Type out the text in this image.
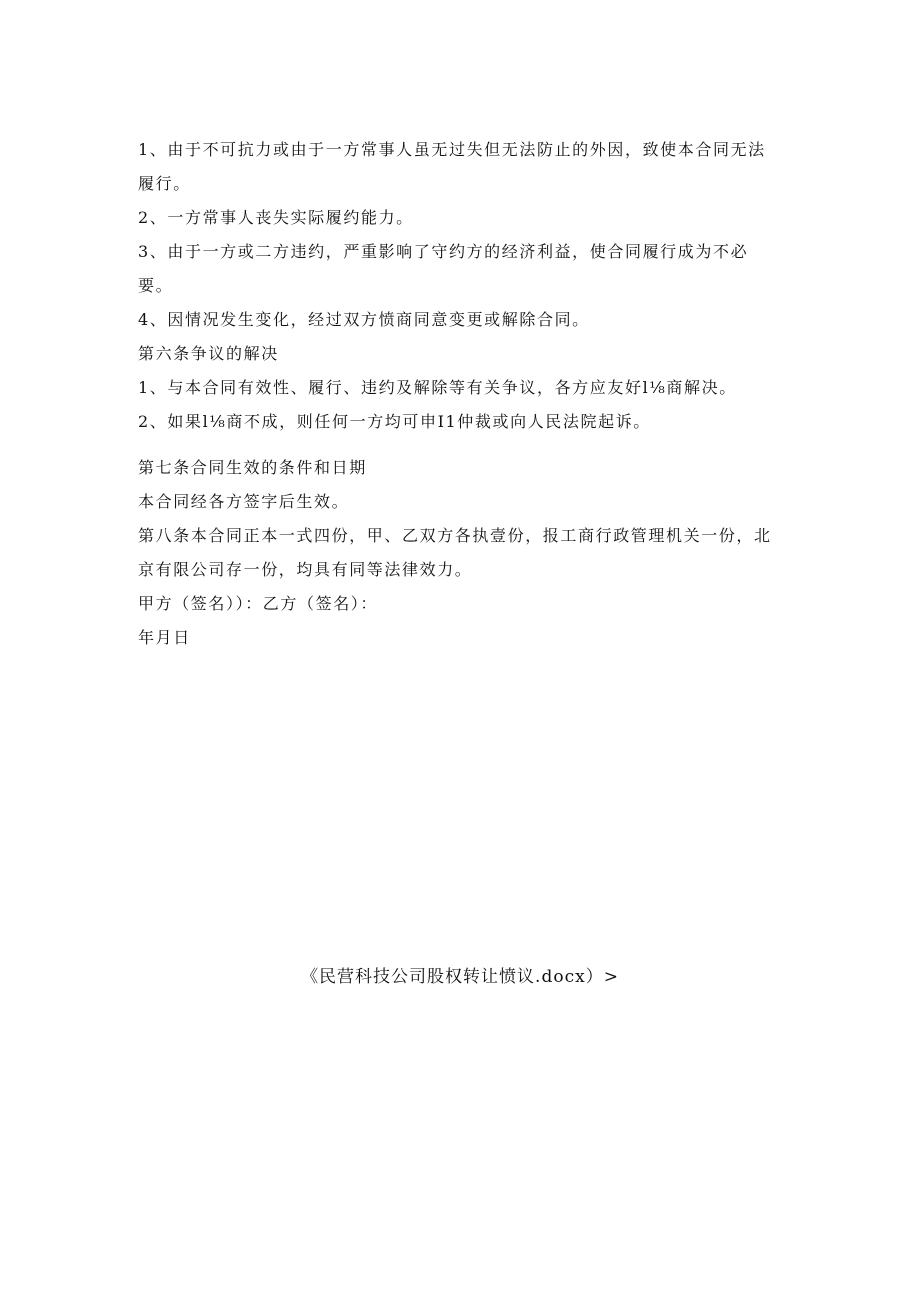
1、由于不可抗力或由于一方常事人虽无过失但无法防止的外因，致使本合同无法履行。

2、一方常事人丧失实际履约能力。

3、由于一方或二方违约，严重影响了守约方的经济利益，使合同履行成为不必要。

4、因情况发生变化，经过双方愤商同意变更或解除合同。

第六条争议的解决

1、与本合同有效性、履行、违约及解除等有关争议，各方应友好l⅛商解决。

2、如果l⅛商不成，则任何一方均可申I1仲裁或向人民法院起诉。

第七条合同生效的条件和日期

本合同经各方签字后生效。

第八条本合同正本一式四份，甲、乙双方各执壹份，报工商行政管理机关一份，北京有限公司存一份，均具有同等法律效力。

甲方（签名））：乙方（签名）：

年月日

《民营科技公司股权转让愤议.docx）>
